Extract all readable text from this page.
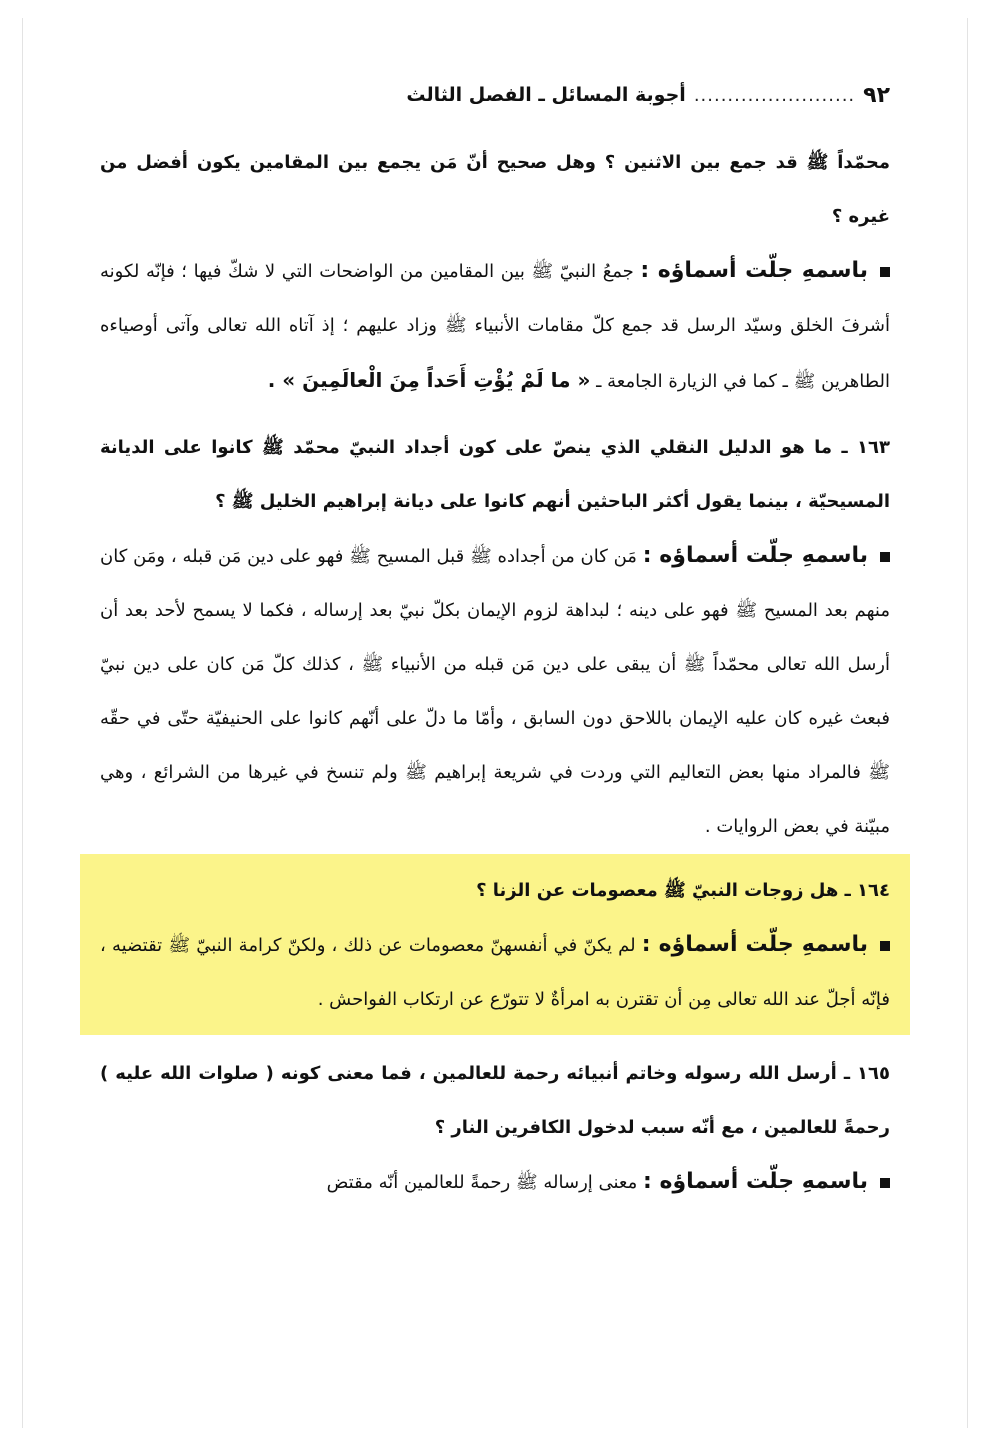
٩٢
........................
أجوبة المسائل ـ الفصل الثالث

محمّداً ﷺ قد جمع بين الاثنين ؟ وهل صحيح أنّ مَن يجمع بين المقامين يكون أفضل من غيره ؟

باسمهِ جلّت أسماؤه : جمعُ النبيّ ﷺ بين المقامين من الواضحات التي لا شكّ فيها ؛ فإنّه لكونه أشرفَ الخلق وسيّد الرسل قد جمع كلّ مقامات الأنبياء ﷺ وزاد عليهم ؛ إذ آتاه الله تعالى وآتى أوصياءه الطاهرين ﷺ ـ كما في الزيارة الجامعة ـ « ما لَمْ يُؤْتِ أَحَداً مِنَ الْعالَمِينَ » .

١٦٣ ـ ما هو الدليل النقلي الذي ينصّ على كون أجداد النبيّ محمّد ﷺ كانوا على الديانة المسيحيّة ، بينما يقول أكثر الباحثين أنهم كانوا على ديانة إبراهيم الخليل ﷺ ؟

باسمهِ جلّت أسماؤه : مَن كان من أجداده ﷺ قبل المسيح ﷺ فهو على دين مَن قبله ، ومَن كان منهم بعد المسيح ﷺ فهو على دينه ؛ لبداهة لزوم الإيمان بكلّ نبيّ بعد إرساله ، فكما لا يسمح لأحد بعد أن أرسل الله تعالى محمّداً ﷺ أن يبقى على دين مَن قبله من الأنبياء ﷺ ، كذلك كلّ مَن كان على دين نبيّ فبعث غيره كان عليه الإيمان باللاحق دون السابق ، وأمّا ما دلّ على أنّهم كانوا على الحنيفيّة حتّى في حقّه ﷺ فالمراد منها بعض التعاليم التي وردت في شريعة إبراهيم ﷺ ولم تنسخ في غيرها من الشرائع ، وهي مبيّنة في بعض الروايات .

١٦٤ ـ هل زوجات النبيّ ﷺ معصومات عن الزنا ؟

باسمهِ جلّت أسماؤه : لم يكنّ في أنفسهنّ معصومات عن ذلك ، ولكنّ كرامة النبيّ ﷺ تقتضيه ، فإنّه أجلّ عند الله تعالى مِن أن تقترن به امرأةٌ لا تتورّع عن ارتكاب الفواحش .

١٦٥ ـ أرسل الله رسوله وخاتم أنبيائه رحمة للعالمين ، فما معنى كونه ( صلوات الله عليه ) رحمةً للعالمين ، مع أنّه سبب لدخول الكافرين النار ؟

باسمهِ جلّت أسماؤه : معنى إرساله ﷺ رحمةً للعالمين أنّه مقتض
